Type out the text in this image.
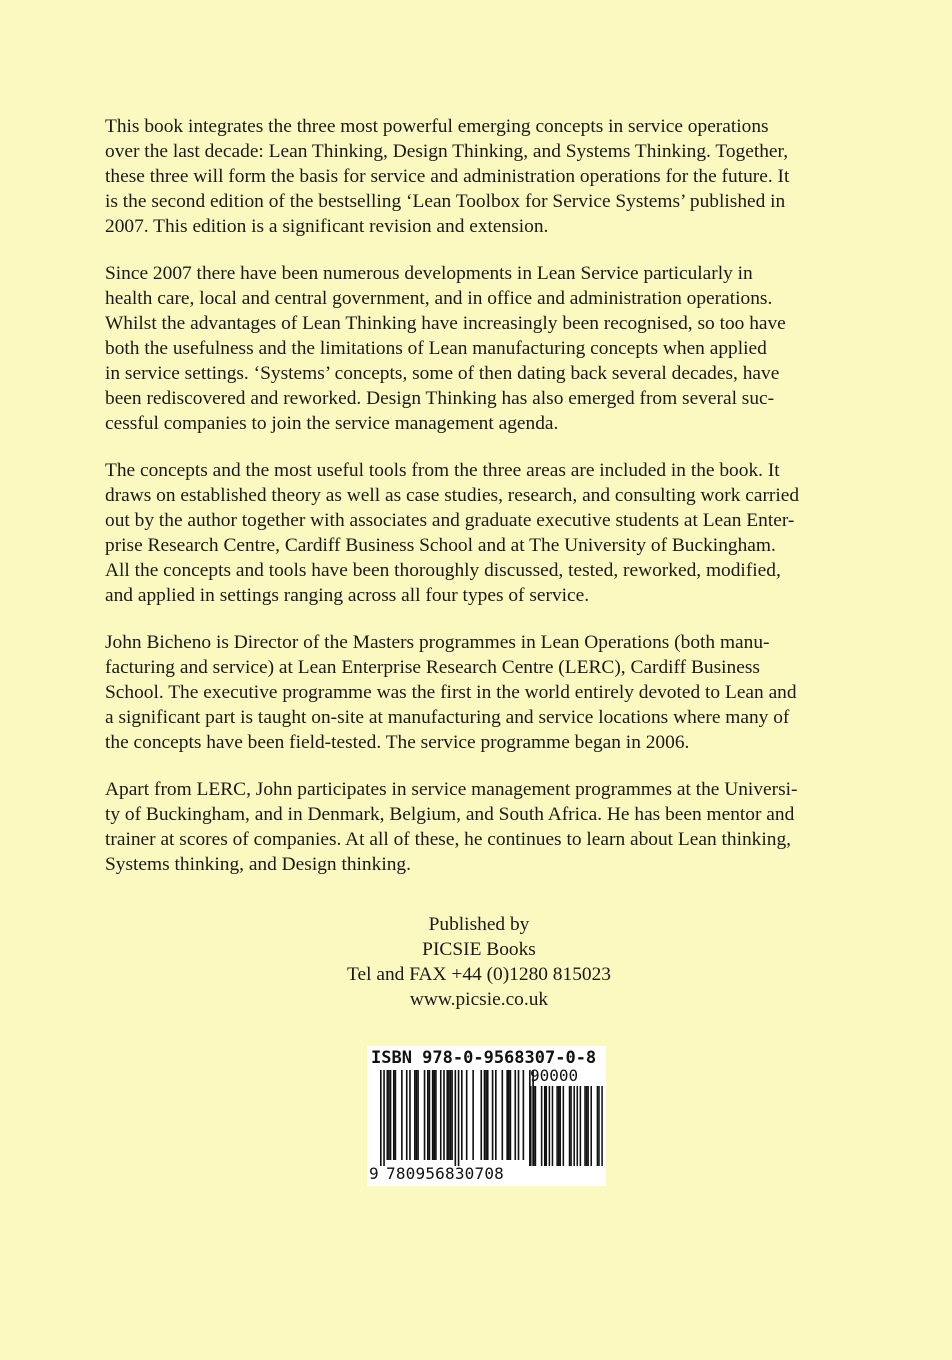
This book integrates the three most powerful emerging concepts in service operations
over the last decade: Lean Thinking, Design Thinking, and Systems Thinking. Together,
these three will form the basis for service and administration operations for the future. It
is the second edition of the bestselling ‘Lean Toolbox for Service Systems’ published in
2007. This edition is a significant revision and extension.

Since 2007 there have been numerous developments in Lean Service particularly in
health care, local and central government, and in office and administration operations.
Whilst the advantages of Lean Thinking have increasingly been recognised, so too have
both the usefulness and the limitations of Lean manufacturing concepts when applied
in service settings. ‘Systems’ concepts, some of then dating back several decades, have
been rediscovered and reworked. Design Thinking has also emerged from several suc-
cessful companies to join the service management agenda.

The concepts and the most useful tools from the three areas are included in the book. It
draws on established theory as well as case studies, research, and consulting work carried
out by the author together with associates and graduate executive students at Lean Enter-
prise Research Centre, Cardiff Business School and at The University of Buckingham.
All the concepts and tools have been thoroughly discussed, tested, reworked, modified,
and applied in settings ranging across all four types of service.

John Bicheno is Director of the Masters programmes in Lean Operations (both manu-
facturing and service) at Lean Enterprise Research Centre (LERC), Cardiff Business
School. The executive programme was the first in the world entirely devoted to Lean and
a significant part is taught on-site at manufacturing and service locations where many of
the concepts have been field-tested. The service programme began in 2006.

Apart from LERC, John participates in service management programmes at the Universi-
ty of Buckingham, and in Denmark, Belgium, and South Africa. He has been mentor and
trainer at scores of companies. At all of these, he continues to learn about Lean thinking,
Systems thinking, and Design thinking.

Published by
PICSIE Books
Tel and FAX +44 (0)1280 815023
www.picsie.co.uk
ISBN 978-0-9568307-0-8
90000
9 780956830708
